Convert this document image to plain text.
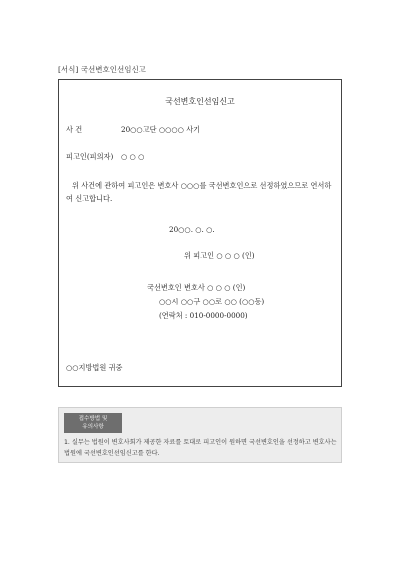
[서식] 국선변호인선임신고
국선변호인선임신고
사 건	20○○고단 ○○○○ 사기
피고인(피의자) ○ ○ ○
위 사건에 관하여 피고인은 변호사 ○○○를 국선변호인으로 선정하였으므로 연서하여 신고합니다.
20○○. ○. ○.
위 피고인 ○ ○ ○ (인)
국선변호인 변호사 ○ ○ ○ (인)
○○시 ○○구 ○○로 ○○ (○○동)
(연락처 : 010-0000-0000)
○○지방법원 귀중
접수방법 및
유의사항
1. 실무는 법원이 변호사회가 제공한 자료를 토대로 피고인이 원하면 국선변호인을 선정하고 변호사는 법원에 국선변호인선임신고를 한다.
